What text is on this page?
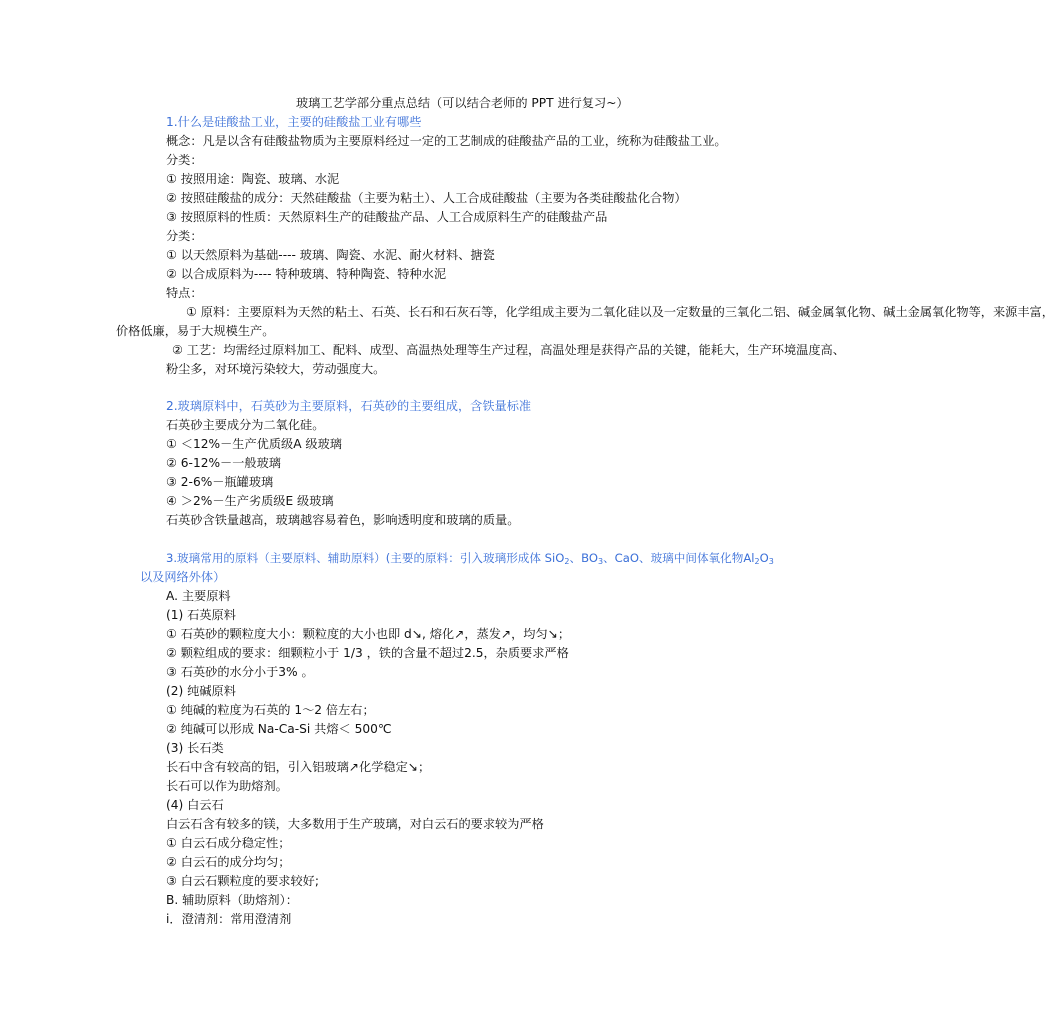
玻璃工艺学部分重点总结（可以结合老师的 PPT 进行复习~）
1.什么是硅酸盐工业，主要的硅酸盐工业有哪些
概念：凡是以含有硅酸盐物质为主要原料经过一定的工艺制成的硅酸盐产品的工业，统称为硅酸盐工业。
分类：
① 按照用途：陶瓷、玻璃、水泥
② 按照硅酸盐的成分：天然硅酸盐（主要为粘土）、人工合成硅酸盐（主要为各类硅酸盐化合物）
③ 按照原料的性质：天然原料生产的硅酸盐产品、人工合成原料生产的硅酸盐产品
分类：
① 以天然原料为基础---- 玻璃、陶瓷、水泥、耐火材料、搪瓷
② 以合成原料为---- 特种玻璃、特种陶瓷、特种水泥
特点：
① 原料：主要原料为天然的粘土、石英、长石和石灰石等，化学组成主要为二氧化硅以及一定数量的三氧化二铝、碱金属氧化物、碱土金属氧化物等，来源丰富，
价格低廉，易于大规模生产。
② 工艺：均需经过原料加工、配料、成型、高温热处理等生产过程，高温处理是获得产品的关键，能耗大，生产环境温度高、
粉尘多，对环境污染较大，劳动强度大。
2.玻璃原料中，石英砂为主要原料，石英砂的主要组成，含铁量标准
石英砂主要成分为二氧化硅。
① ＜12%－生产优质级A 级玻璃
② 6-12%－一般玻璃
③ 2-6%－瓶罐玻璃
④ ＞2%－生产劣质级E 级玻璃
石英砂含铁量越高，玻璃越容易着色，影响透明度和玻璃的质量。
3.玻璃常用的原料（主要原料、辅助原料）(主要的原料：引入玻璃形成体 SiO$_2$、$BO_3$、CaO、玻璃中间体氧化物$Al_2O_3$
以及网络外体）
A. 主要原料
(1) 石英原料
① 石英砂的颗粒度大小：颗粒度的大小也即 d↘, 熔化↗，蒸发↗，均匀↘；
② 颗粒组成的要求：细颗粒小于 1/3 ，铁的含量不超过2.5，杂质要求严格
③ 石英砂的水分小于3% 。
(2) 纯碱原料
① 纯碱的粒度为石英的 1～2 倍左右；
② 纯碱可以形成 Na-Ca-Si 共熔＜ 500℃
(3) 长石类
长石中含有较高的铝，引入铝玻璃↗化学稳定↘；
长石可以作为助熔剂。
(4) 白云石
白云石含有较多的镁，大多数用于生产玻璃，对白云石的要求较为严格
① 白云石成分稳定性；
② 白云石的成分均匀；
③ 白云石颗粒度的要求较好;
B. 辅助原料（助熔剂）：
i．澄清剂：常用澄清剂
